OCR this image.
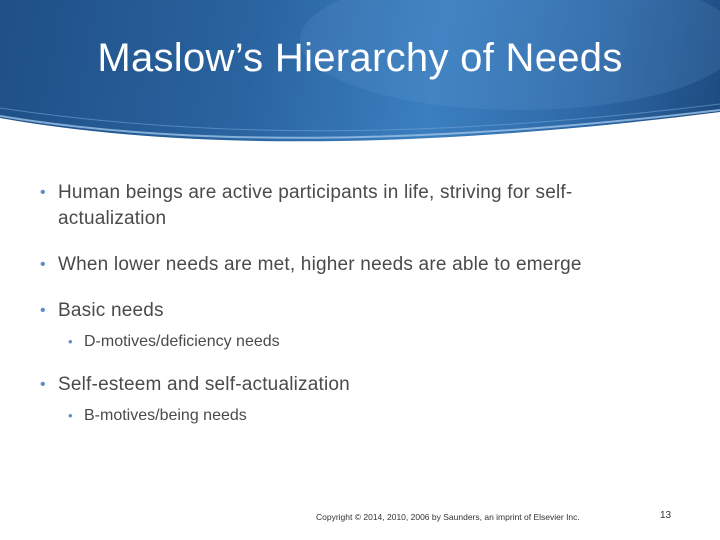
Maslow’s Hierarchy of Needs
• Human beings are active participants in life, striving for self-actualization
• When lower needs are met, higher needs are able to emerge
• Basic needs
• D-motives/deficiency needs
• Self-esteem and self-actualization
• B-motives/being needs
Copyright © 2014, 2010, 2006 by Saunders, an imprint of Elsevier Inc.	13
